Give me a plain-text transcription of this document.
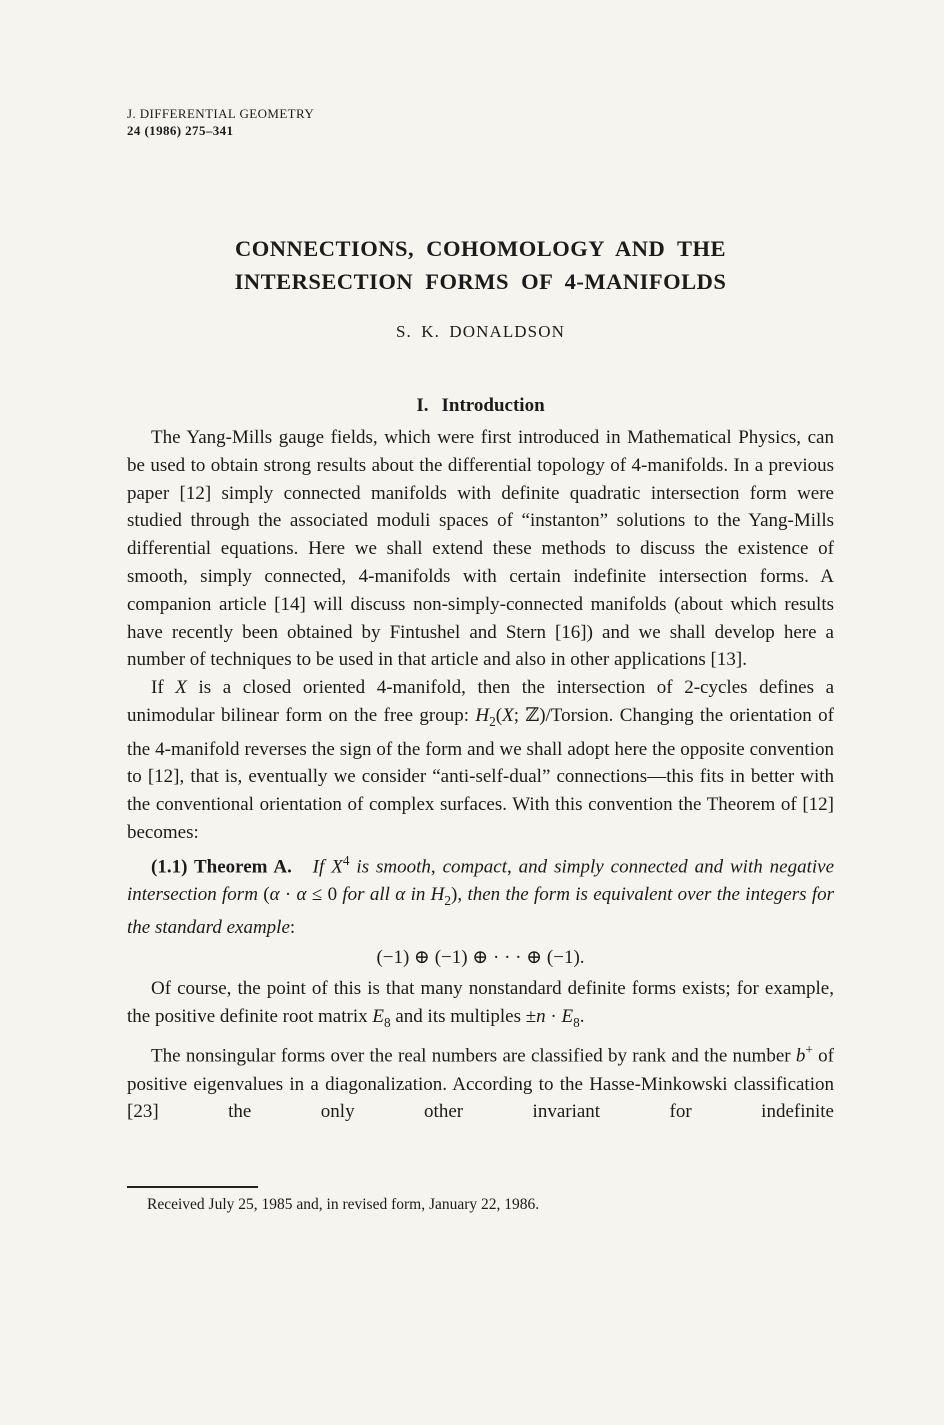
J. DIFFERENTIAL GEOMETRY
24 (1986) 275–341
CONNECTIONS, COHOMOLOGY AND THE
INTERSECTION FORMS OF 4-MANIFOLDS
S. K. DONALDSON
I. Introduction

The Yang-Mills gauge fields, which were first introduced in Mathematical Physics, can be used to obtain strong results about the differential topology of 4-manifolds. In a previous paper [12] simply connected manifolds with definite quadratic intersection form were studied through the associated moduli spaces of “instanton” solutions to the Yang-Mills differential equations. Here we shall extend these methods to discuss the existence of smooth, simply connected, 4-manifolds with certain indefinite intersection forms. A companion article [14] will discuss non-simply-connected manifolds (about which results have recently been obtained by Fintushel and Stern [16]) and we shall develop here a number of techniques to be used in that article and also in other applications [13].

If X is a closed oriented 4-manifold, then the intersection of 2-cycles defines a unimodular bilinear form on the free group: $H_2(X$; ℤ)/Torsion. Changing the orientation of the 4-manifold reverses the sign of the form and we shall adopt here the opposite convention to [12], that is, eventually we consider “anti-self-dual” connections—this fits in better with the conventional orientation of complex surfaces. With this convention the Theorem of [12] becomes:

(1.1) Theorem A. If $X^4$ is smooth, compact, and simply connected and with negative intersection form (α · α ≤ 0 for all α in $H_2$), then the form is equivalent over the integers for the standard example:

(−1) ⊕ (−1) ⊕ · · · ⊕ (−1).

Of course, the point of this is that many nonstandard definite forms exists; for example, the positive definite root matrix $E_8$ and its multiples $\pm n \cdot E_8$.

The nonsingular forms over the real numbers are classified by rank and the number b+ of positive eigenvalues in a diagonalization. According to the Hasse-Minkowski classification [23] the only other invariant for indefinite

Received July 25, 1985 and, in revised form, January 22, 1986.
